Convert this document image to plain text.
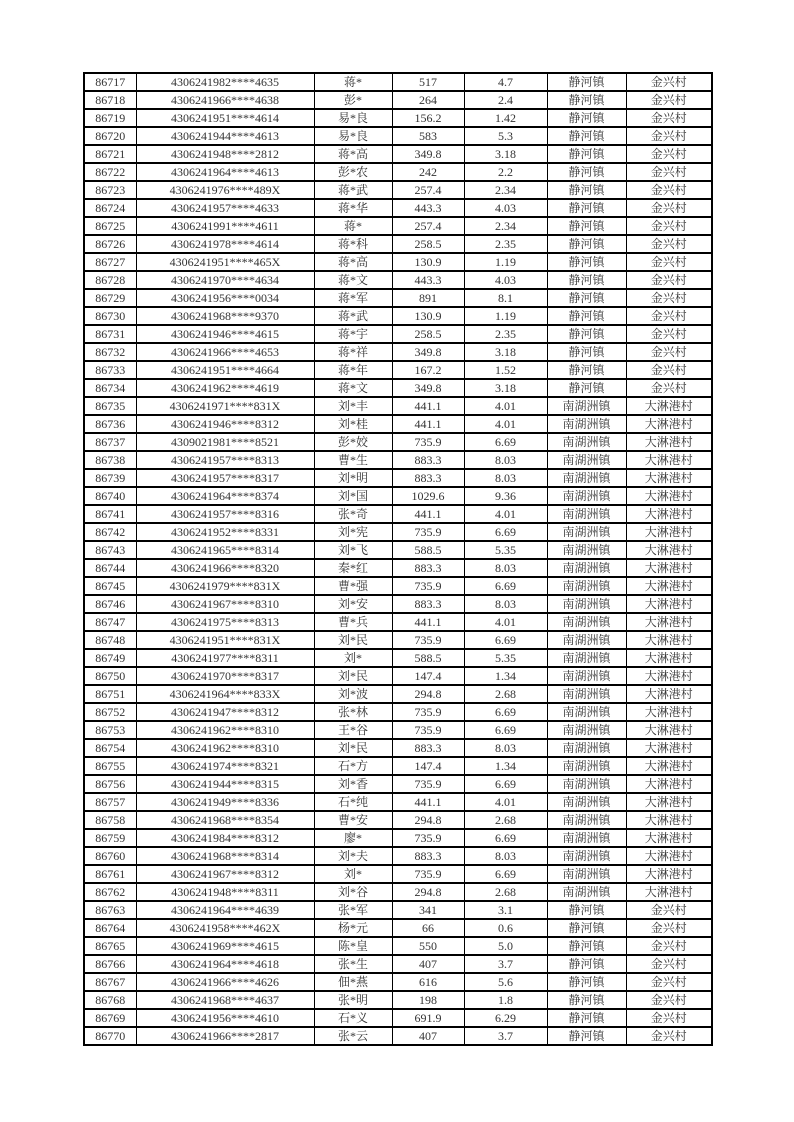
86717	4306241982****4635	蒋*	517	4.7	静河镇	金兴村
86718	4306241966****4638	彭*	264	2.4	静河镇	金兴村
86719	4306241951****4614	易*良	156.2	1.42	静河镇	金兴村
86720	4306241944****4613	易*良	583	5.3	静河镇	金兴村
86721	4306241948****2812	蒋*高	349.8	3.18	静河镇	金兴村
86722	4306241964****4613	彭*农	242	2.2	静河镇	金兴村
86723	4306241976****489X	蒋*武	257.4	2.34	静河镇	金兴村
86724	4306241957****4633	蒋*华	443.3	4.03	静河镇	金兴村
86725	4306241991****4611	蒋*	257.4	2.34	静河镇	金兴村
86726	4306241978****4614	蒋*科	258.5	2.35	静河镇	金兴村
86727	4306241951****465X	蒋*高	130.9	1.19	静河镇	金兴村
86728	4306241970****4634	蒋*文	443.3	4.03	静河镇	金兴村
86729	4306241956****0034	蒋*军	891	8.1	静河镇	金兴村
86730	4306241968****9370	蒋*武	130.9	1.19	静河镇	金兴村
86731	4306241946****4615	蒋*宇	258.5	2.35	静河镇	金兴村
86732	4306241966****4653	蒋*祥	349.8	3.18	静河镇	金兴村
86733	4306241951****4664	蒋*年	167.2	1.52	静河镇	金兴村
86734	4306241962****4619	蒋*文	349.8	3.18	静河镇	金兴村
86735	4306241971****831X	刘*丰	441.1	4.01	南湖洲镇	大淋港村
86736	4306241946****8312	刘*桂	441.1	4.01	南湖洲镇	大淋港村
86737	4309021981****8521	彭*姣	735.9	6.69	南湖洲镇	大淋港村
86738	4306241957****8313	曹*生	883.3	8.03	南湖洲镇	大淋港村
86739	4306241957****8317	刘*明	883.3	8.03	南湖洲镇	大淋港村
86740	4306241964****8374	刘*国	1029.6	9.36	南湖洲镇	大淋港村
86741	4306241957****8316	张*奇	441.1	4.01	南湖洲镇	大淋港村
86742	4306241952****8331	刘*宪	735.9	6.69	南湖洲镇	大淋港村
86743	4306241965****8314	刘*飞	588.5	5.35	南湖洲镇	大淋港村
86744	4306241966****8320	秦*红	883.3	8.03	南湖洲镇	大淋港村
86745	4306241979****831X	曹*强	735.9	6.69	南湖洲镇	大淋港村
86746	4306241967****8310	刘*安	883.3	8.03	南湖洲镇	大淋港村
86747	4306241975****8313	曹*兵	441.1	4.01	南湖洲镇	大淋港村
86748	4306241951****831X	刘*民	735.9	6.69	南湖洲镇	大淋港村
86749	4306241977****8311	刘*	588.5	5.35	南湖洲镇	大淋港村
86750	4306241970****8317	刘*民	147.4	1.34	南湖洲镇	大淋港村
86751	4306241964****833X	刘*波	294.8	2.68	南湖洲镇	大淋港村
86752	4306241947****8312	张*林	735.9	6.69	南湖洲镇	大淋港村
86753	4306241962****8310	王*谷	735.9	6.69	南湖洲镇	大淋港村
86754	4306241962****8310	刘*民	883.3	8.03	南湖洲镇	大淋港村
86755	4306241974****8321	石*方	147.4	1.34	南湖洲镇	大淋港村
86756	4306241944****8315	刘*香	735.9	6.69	南湖洲镇	大淋港村
86757	4306241949****8336	石*纯	441.1	4.01	南湖洲镇	大淋港村
86758	4306241968****8354	曹*安	294.8	2.68	南湖洲镇	大淋港村
86759	4306241984****8312	廖*	735.9	6.69	南湖洲镇	大淋港村
86760	4306241968****8314	刘*夫	883.3	8.03	南湖洲镇	大淋港村
86761	4306241967****8312	刘*	735.9	6.69	南湖洲镇	大淋港村
86762	4306241948****8311	刘*谷	294.8	2.68	南湖洲镇	大淋港村
86763	4306241964****4639	张*军	341	3.1	静河镇	金兴村
86764	4306241958****462X	杨*元	66	0.6	静河镇	金兴村
86765	4306241969****4615	陈*皇	550	5.0	静河镇	金兴村
86766	4306241964****4618	张*生	407	3.7	静河镇	金兴村
86767	4306241966****4626	佃*燕	616	5.6	静河镇	金兴村
86768	4306241968****4637	张*明	198	1.8	静河镇	金兴村
86769	4306241956****4610	石*义	691.9	6.29	静河镇	金兴村
86770	4306241966****2817	张*云	407	3.7	静河镇	金兴村
